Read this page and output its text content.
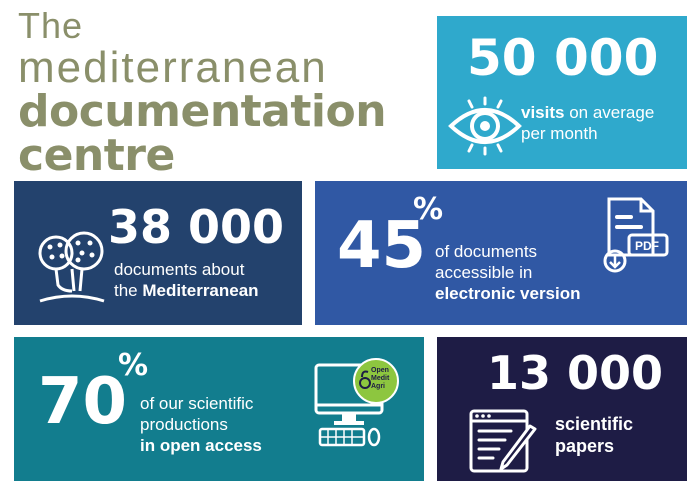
The
mediterranean
documentation
centre
50 000
visits on average
per month
38 000
documents about
the Mediterranean
45
%
of documents
accessible in
electronic version
PDF
70
%
of our scientific
productions
in open access
Open
Medit
Agri 13 000
scientific
papers
